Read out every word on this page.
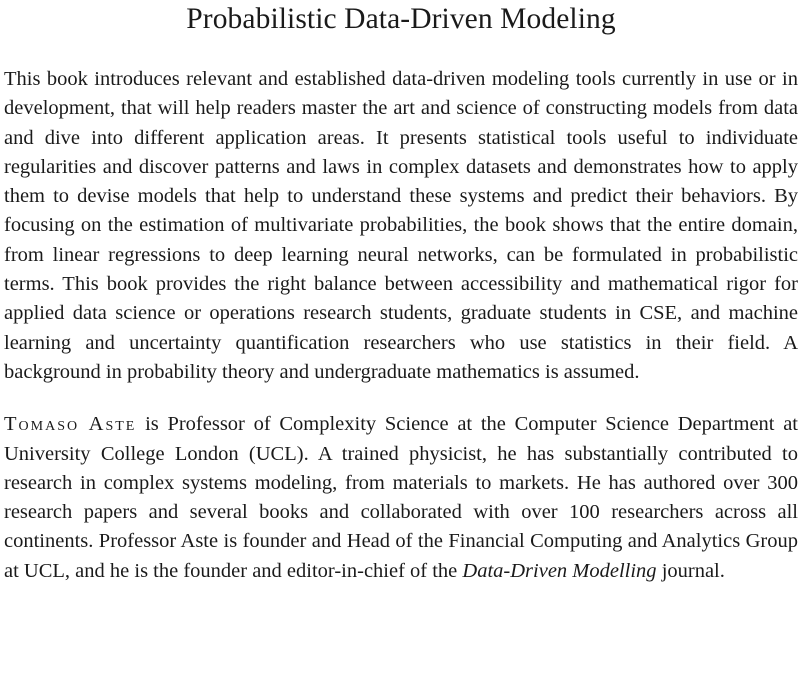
Probabilistic Data-Driven Modeling

This book introduces relevant and established data-driven modeling tools currently in use or in development, that will help readers master the art and science of constructing models from data and dive into different application areas. It presents statistical tools useful to individuate regularities and discover patterns and laws in complex datasets and demonstrates how to apply them to devise models that help to understand these systems and predict their behaviors. By focusing on the estimation of multivariate probabilities, the book shows that the entire domain, from linear regressions to deep learning neural networks, can be formulated in probabilistic terms. This book provides the right balance between accessibility and mathematical rigor for applied data science or operations research students, graduate students in CSE, and machine learning and uncertainty quantification researchers who use statistics in their field. A background in probability theory and undergraduate mathematics is assumed.

Tomaso Aste is Professor of Complexity Science at the Computer Science Department at University College London (UCL). A trained physicist, he has substantially contributed to research in complex systems modeling, from materials to markets. He has authored over 300 research papers and several books and collaborated with over 100 researchers across all continents. Professor Aste is founder and Head of the Financial Computing and Analytics Group at UCL, and he is the founder and editor-in-chief of the Data-Driven Modelling journal.
